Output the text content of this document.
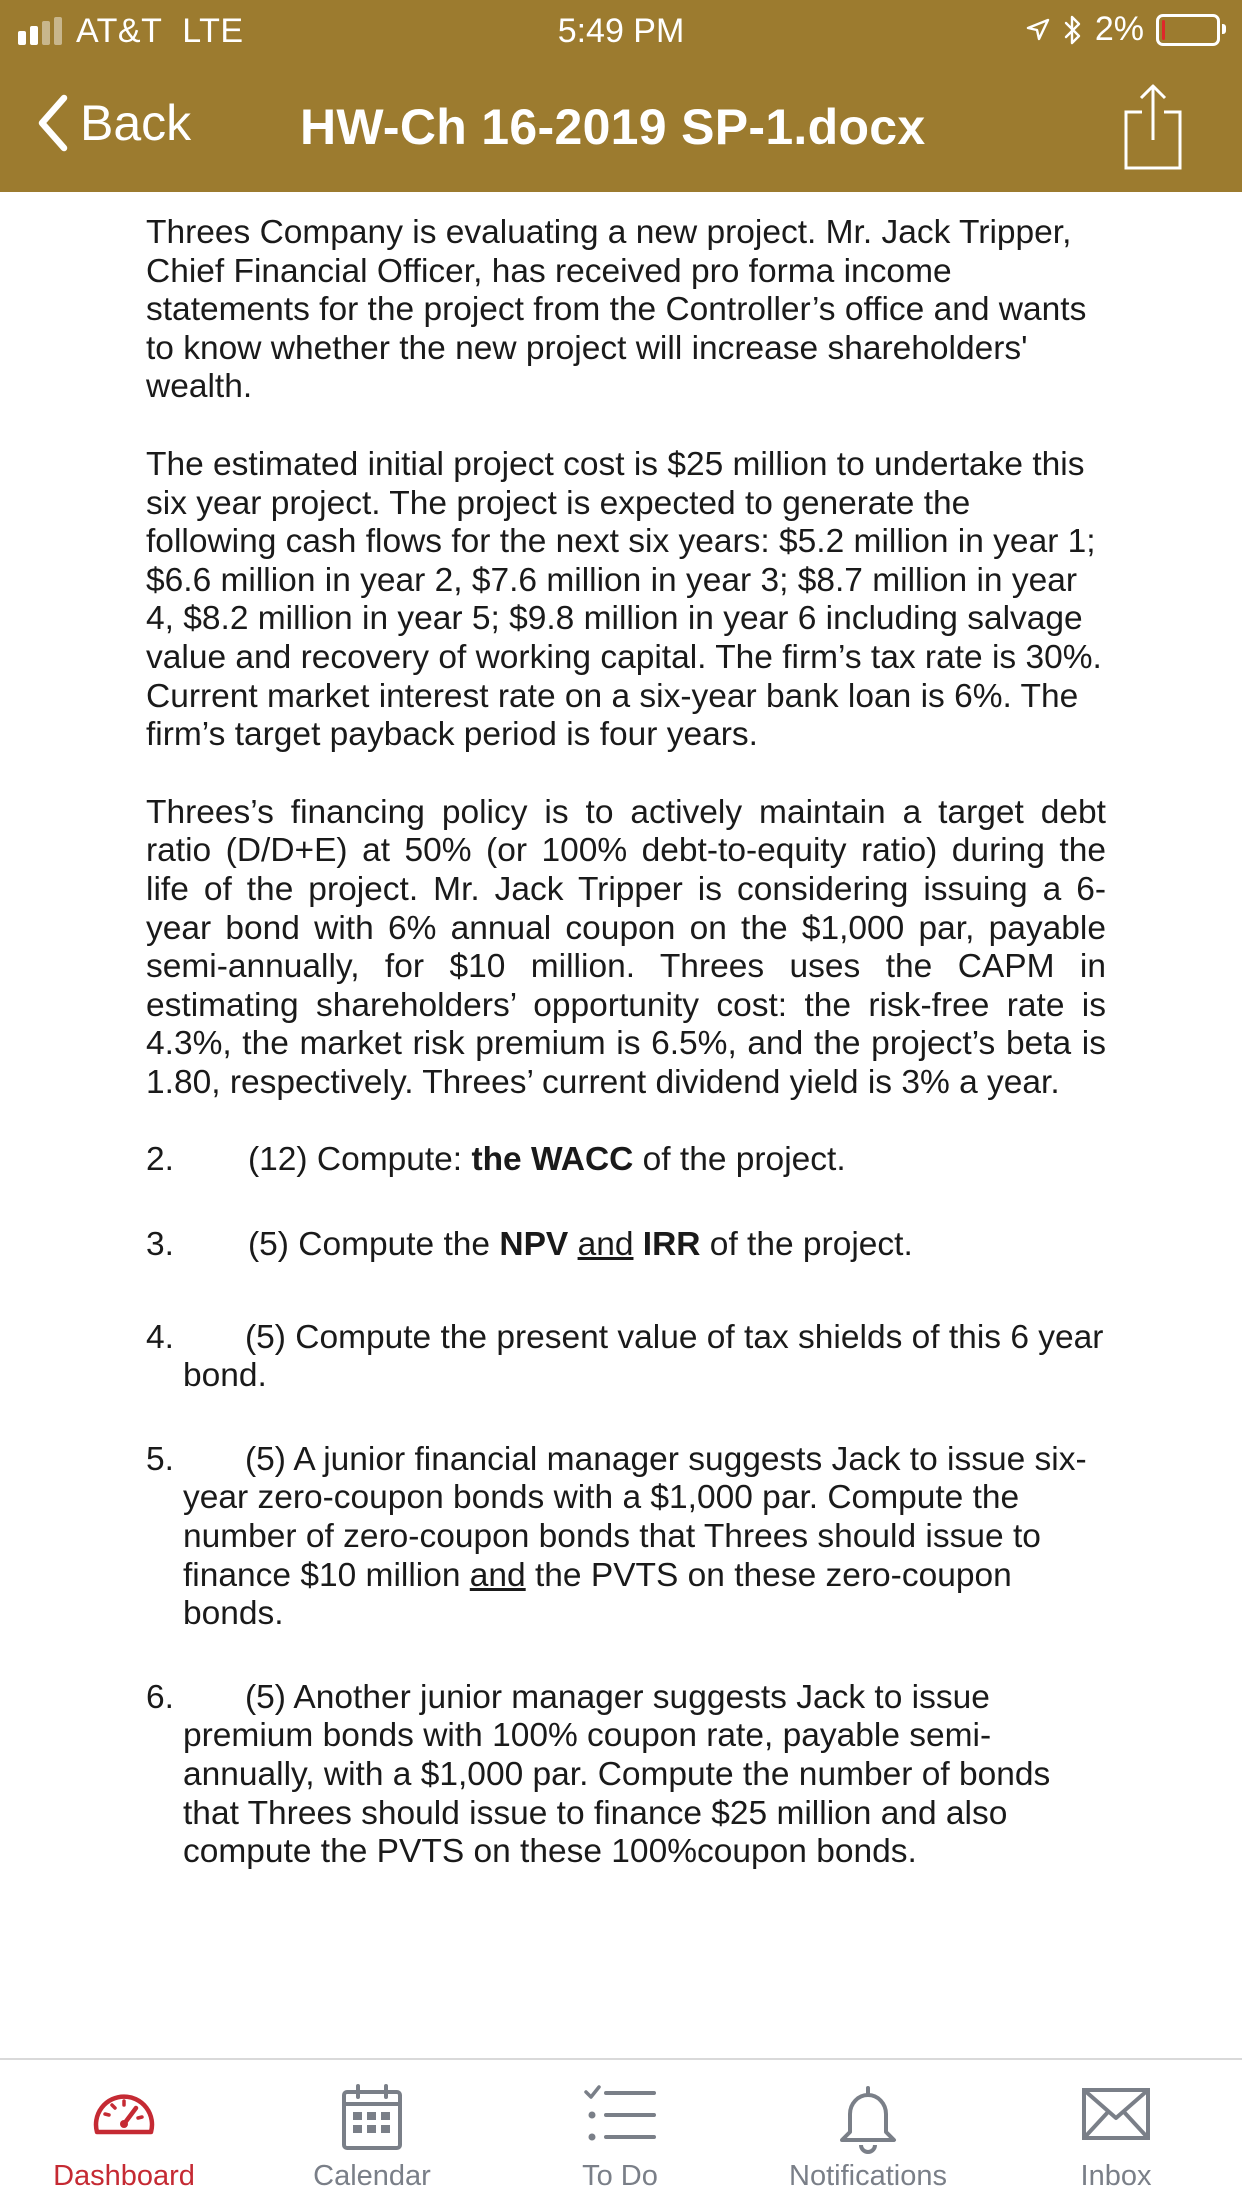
AT&T LTE	5:49 PM	2%
Back HW-Ch 16-2019 SP-1.docx

Threes Company is evaluating a new project. Mr. Jack Tripper, Chief Financial Officer, has received pro forma income statements for the project from the Controller’s office and wants to know whether the new project will increase shareholders' wealth.

The estimated initial project cost is $25 million to undertake this six year project. The project is expected to generate the following cash flows for the next six years: $5.2 million in year 1; $6.6 million in year 2, $7.6 million in year 3; $8.7 million in year 4, $8.2 million in year 5; $9.8 million in year 6 including salvage value and recovery of working capital. The firm’s tax rate is 30%. Current market interest rate on a six-year bank loan is 6%. The firm’s target payback period is four years.

Threes’s financing policy is to actively maintain a target debt ratio (D/D+E) at 50% (or 100% debt-to-equity ratio) during the life of the project. Mr. Jack Tripper is considering issuing a 6-year bond with 6% annual coupon on the $1,000 par, payable semi-annually, for $10 million. Threes uses the CAPM in estimating shareholders’ opportunity cost: the risk-free rate is 4.3%, the market risk premium is 6.5%, and the project’s beta is 1.80, respectively. Threes’ current dividend yield is 3% a year.

2. (12) Compute: the WACC of the project.
3. (5) Compute the NPV and IRR of the project.
4. (5) Compute the present value of tax shields of this 6 year bond.
5. (5) A junior financial manager suggests Jack to issue six-year zero-coupon bonds with a $1,000 par. Compute the number of zero-coupon bonds that Threes should issue to finance $10 million and the PVTS on these zero-coupon bonds.
6. (5) Another junior manager suggests Jack to issue premium bonds with 100% coupon rate, payable semi-annually, with a $1,000 par. Compute the number of bonds that Threes should issue to finance $25 million and also compute the PVTS on these 100%coupon bonds.
Dashboard	Calendar	To Do	Notifications	Inbox
